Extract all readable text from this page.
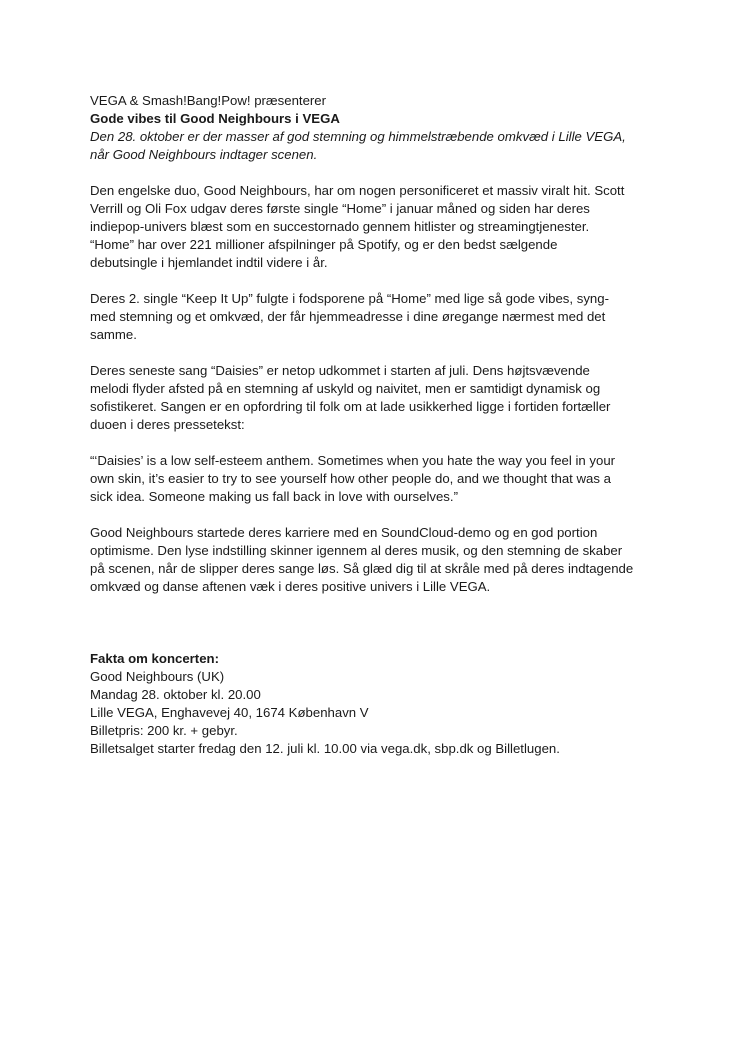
VEGA & Smash!Bang!Pow! præsenterer

Gode vibes til Good Neighbours i VEGA

Den 28. oktober er der masser af god stemning og himmelstræbende omkvæd i Lille VEGA,

når Good Neighbours indtager scenen.

Den engelske duo, Good Neighbours, har om nogen personificeret et massiv viralt hit. Scott

Verrill og Oli Fox udgav deres første single “Home” i januar måned og siden har deres

indiepop-univers blæst som en succestornado gennem hitlister og streamingtjenester.

“Home” har over 221 millioner afspilninger på Spotify, og er den bedst sælgende

debutsingle i hjemlandet indtil videre i år.

Deres 2. single “Keep It Up” fulgte i fodsporene på “Home” med lige så gode vibes, syng-

med stemning og et omkvæd, der får hjemmeadresse i dine øregange nærmest med det

samme.

Deres seneste sang “Daisies” er netop udkommet i starten af juli. Dens højtsvævende

melodi flyder afsted på en stemning af uskyld og naivitet, men er samtidigt dynamisk og

sofistikeret. Sangen er en opfordring til folk om at lade usikkerhed ligge i fortiden fortæller

duoen i deres pressetekst:

“‘Daisies’ is a low self-esteem anthem. Sometimes when you hate the way you feel in your

own skin, it’s easier to try to see yourself how other people do, and we thought that was a

sick idea. Someone making us fall back in love with ourselves.”

Good Neighbours startede deres karriere med en SoundCloud-demo og en god portion

optimisme. Den lyse indstilling skinner igennem al deres musik, og den stemning de skaber

på scenen, når de slipper deres sange løs. Så glæd dig til at skråle med på deres indtagende

omkvæd og danse aftenen væk i deres positive univers i Lille VEGA.

Fakta om koncerten:

Good Neighbours (UK)

Mandag 28. oktober kl. 20.00

Lille VEGA, Enghavevej 40, 1674 København V

Billetpris: 200 kr. + gebyr.

Billetsalget starter fredag den 12. juli kl. 10.00 via vega.dk, sbp.dk og Billetlugen.
